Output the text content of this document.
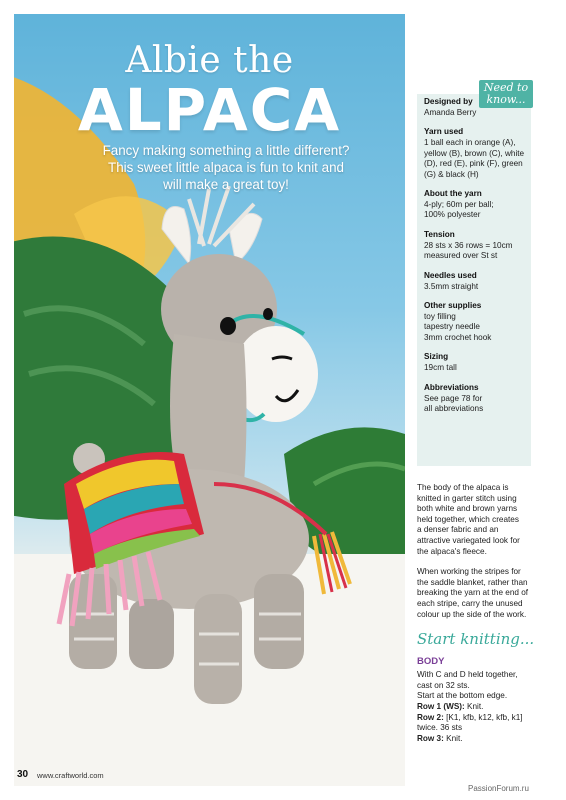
Albie the
ALPACA
Fancy making something a little different?
This sweet little alpaca is fun to knit and
will make a great toy!
Need to
know...
Designed by
Amanda Berry
Yarn used
1 ball each in orange (A),
yellow (B), brown (C), white
(D), red (E), pink (F), green
(G) & black (H)
About the yarn
4-ply; 60m per ball;
100% polyester
Tension
28 sts x 36 rows = 10cm
measured over St st
Needles used
3.5mm straight
Other supplies
toy filling
tapestry needle
3mm crochet hook
Sizing
19cm tall
Abbreviations
See page 78 for
all abbreviations
The body of the alpaca is
knitted in garter stitch using
both white and brown yarns
held together, which creates
a denser fabric and an
attractive variegated look for
the alpaca's fleece.
When working the stripes for
the saddle blanket, rather than
breaking the yarn at the end of
each stripe, carry the unused
colour up the side of the work.
Start knitting...
BODY
With C and D held together,
cast on 32 sts.
Start at the bottom edge.
Row 1 (WS): Knit.
Row 2: [K1, kfb, k12, kfb, k1]
twice. 36 sts
Row 3: Knit.
30 www.craftworld.com
PassionForum.ru
